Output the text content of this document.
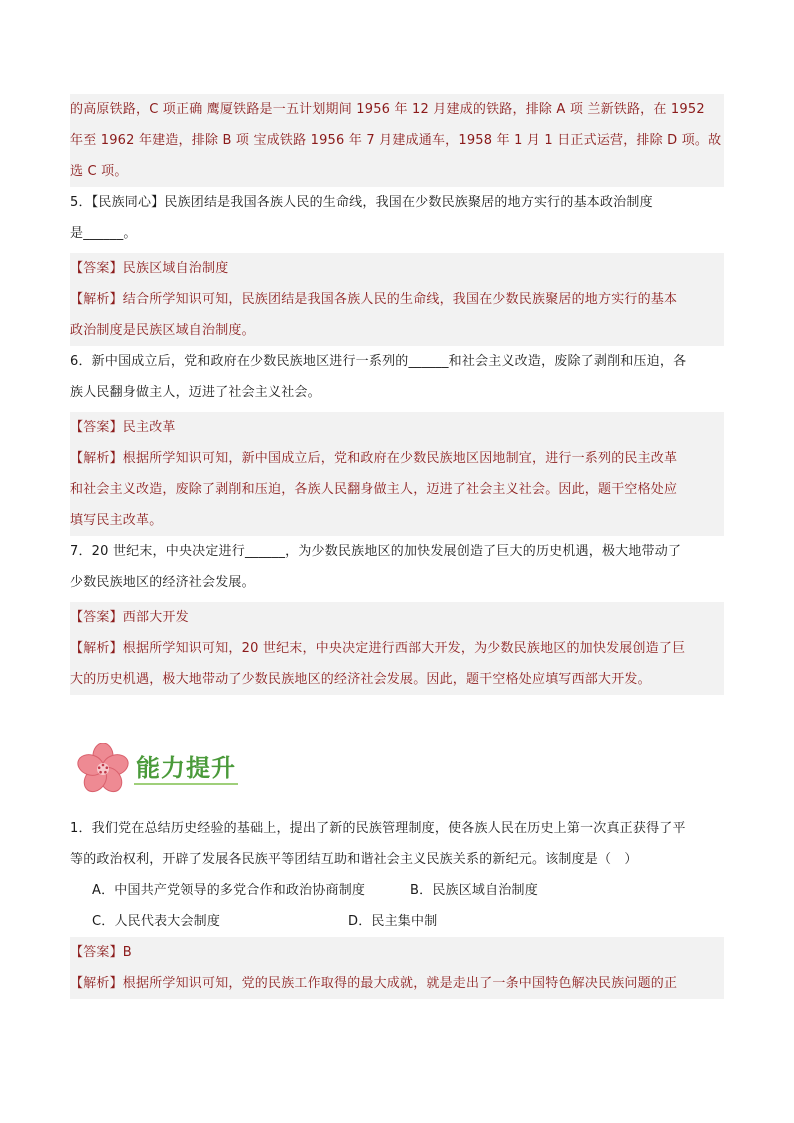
的高原铁路，C 项正确 鹰厦铁路是一五计划期间 1956 年 12 月建成的铁路，排除 A 项 兰新铁路，在 1952
年至 1962 年建造，排除 B 项 宝成铁路 1956 年 7 月建成通车，1958 年 1 月 1 日正式运营，排除 D 项。故
选 C 项。
5．【民族同心】民族团结是我国各族人民的生命线，我国在少数民族聚居的地方实行的基本政治制度
是______。
【答案】民族区域自治制度
【解析】结合所学知识可知，民族团结是我国各族人民的生命线，我国在少数民族聚居的地方实行的基本
政治制度是民族区域自治制度。
6．新中国成立后，党和政府在少数民族地区进行一系列的______和社会主义改造，废除了剥削和压迫，各
族人民翻身做主人，迈进了社会主义社会。
【答案】民主改革
【解析】根据所学知识可知，新中国成立后，党和政府在少数民族地区因地制宜，进行一系列的民主改革
和社会主义改造，废除了剥削和压迫，各族人民翻身做主人，迈进了社会主义社会。因此，题干空格处应
填写民主改革。
7．20 世纪末，中央决定进行______，为少数民族地区的加快发展创造了巨大的历史机遇，极大地带动了
少数民族地区的经济社会发展。
【答案】西部大开发
【解析】根据所学知识可知，20 世纪末，中央决定进行西部大开发，为少数民族地区的加快发展创造了巨
大的历史机遇，极大地带动了少数民族地区的经济社会发展。因此，题干空格处应填写西部大开发。
能力提升
1．我们党在总结历史经验的基础上，提出了新的民族管理制度，使各族人民在历史上第一次真正获得了平
等的政治权利，开辟了发展各民族平等团结互助和谐社会主义民族关系的新纪元。该制度是（　）
A．中国共产党领导的多党合作和政治协商制度	B．民族区域自治制度
C．人民代表大会制度	D．民主集中制
【答案】B
【解析】根据所学知识可知，党的民族工作取得的最大成就，就是走出了一条中国特色解决民族问题的正
